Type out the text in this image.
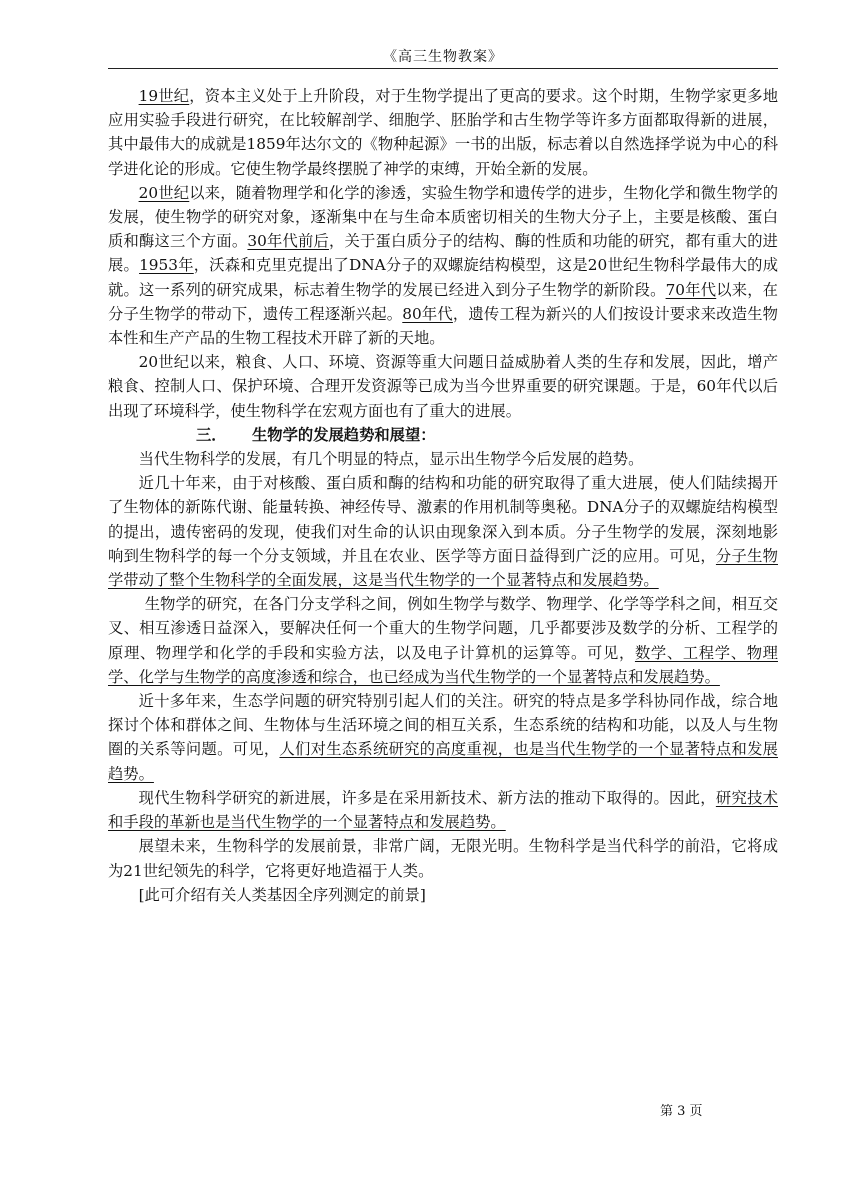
《高三生物教案》

19世纪，资本主义处于上升阶段，对于生物学提出了更高的要求。这个时期，生物学家更多地应用实验手段进行研究，在比较解剖学、细胞学、胚胎学和古生物学等许多方面都取得新的进展，其中最伟大的成就是1859年达尔文的《物种起源》一书的出版，标志着以自然选择学说为中心的科学进化论的形成。它使生物学最终摆脱了神学的束缚，开始全新的发展。

20世纪以来，随着物理学和化学的渗透，实验生物学和遗传学的进步，生物化学和微生物学的发展，使生物学的研究对象，逐渐集中在与生命本质密切相关的生物大分子上，主要是核酸、蛋白质和酶这三个方面。30年代前后，关于蛋白质分子的结构、酶的性质和功能的研究，都有重大的进展。1953年，沃森和克里克提出了DNA分子的双螺旋结构模型，这是20世纪生物科学最伟大的成就。这一系列的研究成果，标志着生物学的发展已经进入到分子生物学的新阶段。70年代以来，在分子生物学的带动下，遗传工程逐渐兴起。80年代，遗传工程为新兴的人们按设计要求来改造生物本性和生产产品的生物工程技术开辟了新的天地。

20世纪以来，粮食、人口、环境、资源等重大问题日益威胁着人类的生存和发展，因此，增产粮食、控制人口、保护环境、合理开发资源等已成为当今世界重要的研究课题。于是，60年代以后出现了环境科学，使生物科学在宏观方面也有了重大的进展。

三． 生物学的发展趋势和展望：

当代生物科学的发展，有几个明显的特点，显示出生物学今后发展的趋势。

近几十年来，由于对核酸、蛋白质和酶的结构和功能的研究取得了重大进展，使人们陆续揭开了生物体的新陈代谢、能量转换、神经传导、激素的作用机制等奥秘。DNA分子的双螺旋结构模型的提出，遗传密码的发现，使我们对生命的认识由现象深入到本质。分子生物学的发展，深刻地影响到生物科学的每一个分支领域，并且在农业、医学等方面日益得到广泛的应用。可见，分子生物学带动了整个生物科学的全面发展，这是当代生物学的一个显著特点和发展趋势。

生物学的研究，在各门分支学科之间，例如生物学与数学、物理学、化学等学科之间，相互交叉、相互渗透日益深入，要解决任何一个重大的生物学问题，几乎都要涉及数学的分析、工程学的原理、物理学和化学的手段和实验方法，以及电子计算机的运算等。可见，数学、工程学、物理学、化学与生物学的高度渗透和综合，也已经成为当代生物学的一个显著特点和发展趋势。

近十多年来，生态学问题的研究特别引起人们的关注。研究的特点是多学科协同作战，综合地探讨个体和群体之间、生物体与生活环境之间的相互关系，生态系统的结构和功能，以及人与生物圈的关系等问题。可见，人们对生态系统研究的高度重视，也是当代生物学的一个显著特点和发展趋势。

现代生物科学研究的新进展，许多是在采用新技术、新方法的推动下取得的。因此，研究技术和手段的革新也是当代生物学的一个显著特点和发展趋势。

展望未来，生物科学的发展前景，非常广阔，无限光明。生物科学是当代科学的前沿，它将成为21世纪领先的科学，它将更好地造福于人类。

[此可介绍有关人类基因全序列测定的前景]

第 3 页
